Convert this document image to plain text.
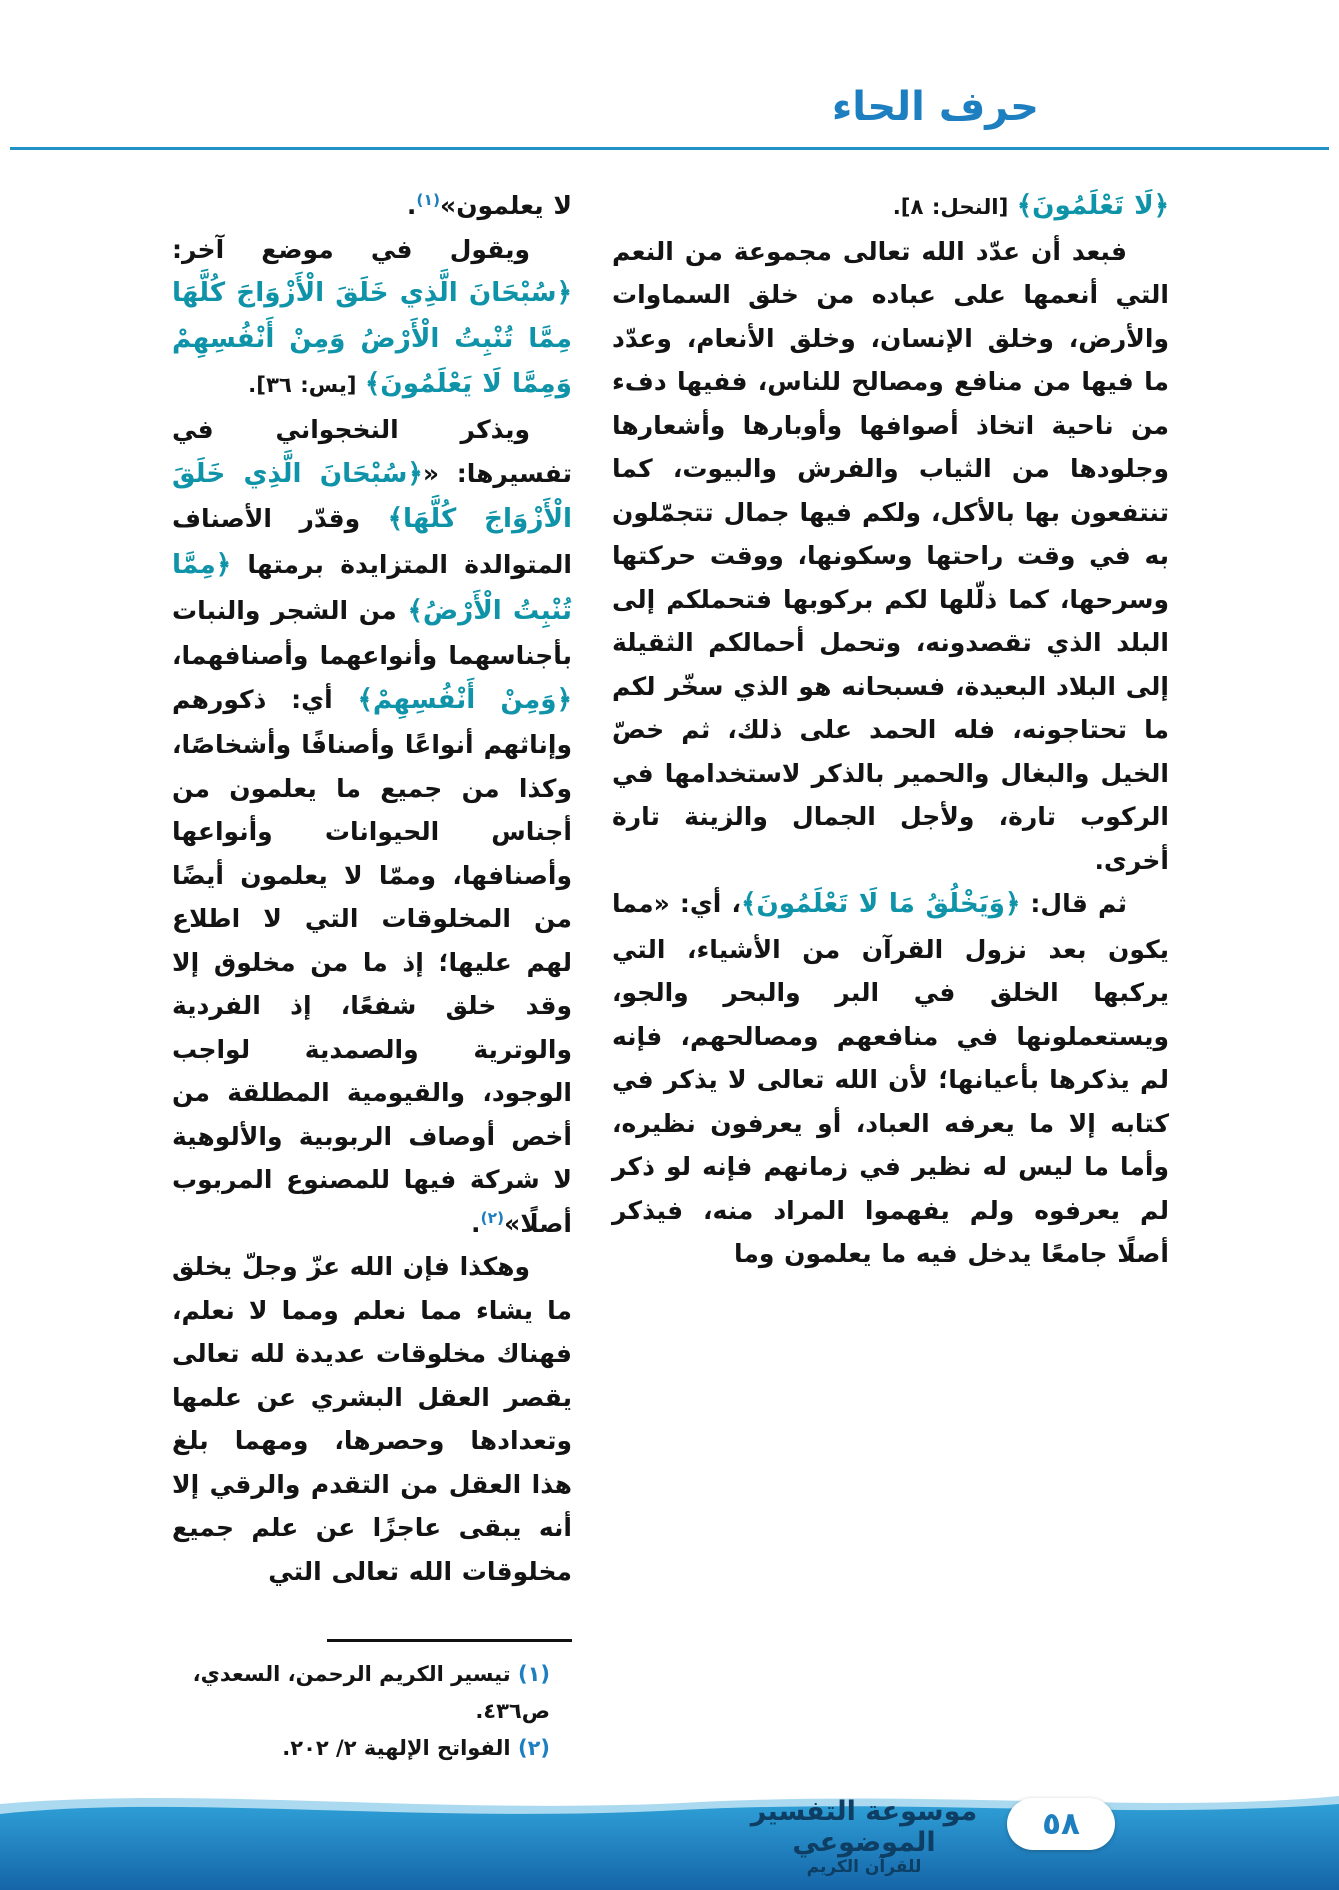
حرف الحاء

﴿لَا تَعْلَمُونَ﴾ [النحل: ٨].

فبعد أن عدّد الله تعالى مجموعة من النعم التي أنعمها على عباده من خلق السماوات والأرض، وخلق الإنسان، وخلق الأنعام، وعدّد ما فيها من منافع ومصالح للناس، ففيها دفء من ناحية اتخاذ أصوافها وأوبارها وأشعارها وجلودها من الثياب والفرش والبيوت، كما تنتفعون بها بالأكل، ولكم فيها جمال تتجمّلون به في وقت راحتها وسكونها، ووقت حركتها وسرحها، كما ذلّلها لكم بركوبها فتحملكم إلى البلد الذي تقصدونه، وتحمل أحمالكم الثقيلة إلى البلاد البعيدة، فسبحانه هو الذي سخّر لكم ما تحتاجونه، فله الحمد على ذلك، ثم خصّ الخيل والبغال والحمير بالذكر لاستخدامها في الركوب تارة، ولأجل الجمال والزينة تارة أخرى.

ثم قال: ﴿وَيَخْلُقُ مَا لَا تَعْلَمُونَ﴾، أي: «مما يكون بعد نزول القرآن من الأشياء، التي يركبها الخلق في البر والبحر والجو، ويستعملونها في منافعهم ومصالحهم، فإنه لم يذكرها بأعيانها؛ لأن الله تعالى لا يذكر في كتابه إلا ما يعرفه العباد، أو يعرفون نظيره، وأما ما ليس له نظير في زمانهم فإنه لو ذكر لم يعرفوه ولم يفهموا المراد منه، فيذكر أصلًا جامعًا يدخل فيه ما يعلمون وما

لا يعلمون»$^{(١)}$.

ويقول في موضع آخر: ﴿سُبْحَانَ الَّذِي خَلَقَ الْأَزْوَاجَ كُلَّهَا مِمَّا تُنْبِتُ الْأَرْضُ وَمِنْ أَنْفُسِهِمْ وَمِمَّا لَا يَعْلَمُونَ﴾ [يس: ٣٦].

ويذكر النخجواني في تفسيرها: «﴿سُبْحَانَ الَّذِي خَلَقَ الْأَزْوَاجَ كُلَّهَا﴾ وقدّر الأصناف المتوالدة المتزايدة برمتها ﴿مِمَّا تُنْبِتُ الْأَرْضُ﴾ من الشجر والنبات بأجناسهما وأنواعهما وأصنافهما، ﴿وَمِنْ أَنْفُسِهِمْ﴾ أي: ذكورهم وإناثهم أنواعًا وأصنافًا وأشخاصًا، وكذا من جميع ما يعلمون من أجناس الحيوانات وأنواعها وأصنافها، وممّا لا يعلمون أيضًا من المخلوقات التي لا اطلاع لهم عليها؛ إذ ما من مخلوق إلا وقد خلق شفعًا، إذ الفردية والوترية والصمدية لواجب الوجود، والقيومية المطلقة من أخص أوصاف الربوبية والألوهية لا شركة فيها للمصنوع المربوب أصلًا»$^{(٢)}$.

وهكذا فإن الله عزّ وجلّ يخلق ما يشاء مما نعلم ومما لا نعلم، فهناك مخلوقات عديدة لله تعالى يقصر العقل البشري عن علمها وتعدادها وحصرها، ومهما بلغ هذا العقل من التقدم والرقي إلا أنه يبقى عاجزًا عن علم جميع مخلوقات الله تعالى التي

(١) تيسير الكريم الرحمن، السعدي، ص٤٣٦.
(٢) الفواتح الإلهية ٢/ ٢٠٢.
موسوعة التفسير الموضوعي
للقرآن الكريم
٥٨
